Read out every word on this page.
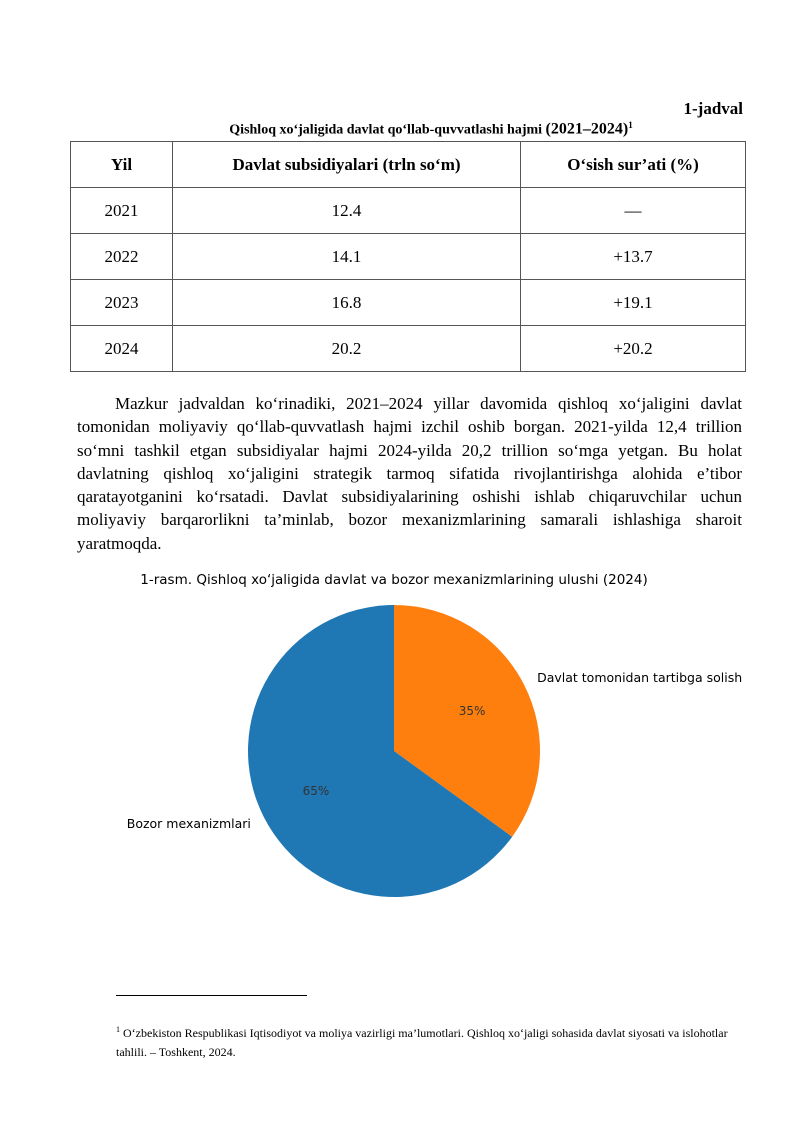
1-jadval
Qishloq xo‘jaligida davlat qo‘llab-quvvatlashi hajmi (2021–2024)$^1$
Yil	Davlat subsidiyalari (trln so‘m)	O‘sish sur’ati (%)
2021	12.4	—
2022	14.1	+13.7
2023	16.8	+19.1
2024	20.2	+20.2

Mazkur jadvaldan ko‘rinadiki, 2021–2024 yillar davomida qishloq xo‘jaligini davlat tomonidan moliyaviy qo‘llab-quvvatlash hajmi izchil oshib borgan. 2021-yilda 12,4 trillion so‘mni tashkil etgan subsidiyalar hajmi 2024-yilda 20,2 trillion so‘mga yetgan. Bu holat davlatning qishloq xo‘jaligini strategik tarmoq sifatida rivojlantirishga alohida e’tibor qaratayotganini ko‘rsatadi. Davlat subsidiyalarining oshishi ishlab chiqaruvchilar uchun moliyaviy barqarorlikni ta’minlab, bozor mexanizmlarining samarali ishlashiga sharoit yaratmoqda.

1-rasm. Qishloq xo‘jaligida davlat va bozor mexanizmlarining ulushi (2024)
35%
Davlat tomonidan tartibga solish
65%
Bozor mexanizmlari

$^1$ O‘zbekiston Respublikasi Iqtisodiyot va moliya vazirligi ma’lumotlari. Qishloq xo‘jaligi sohasida davlat siyosati va islohotlar tahlili. – Toshkent, 2024.
